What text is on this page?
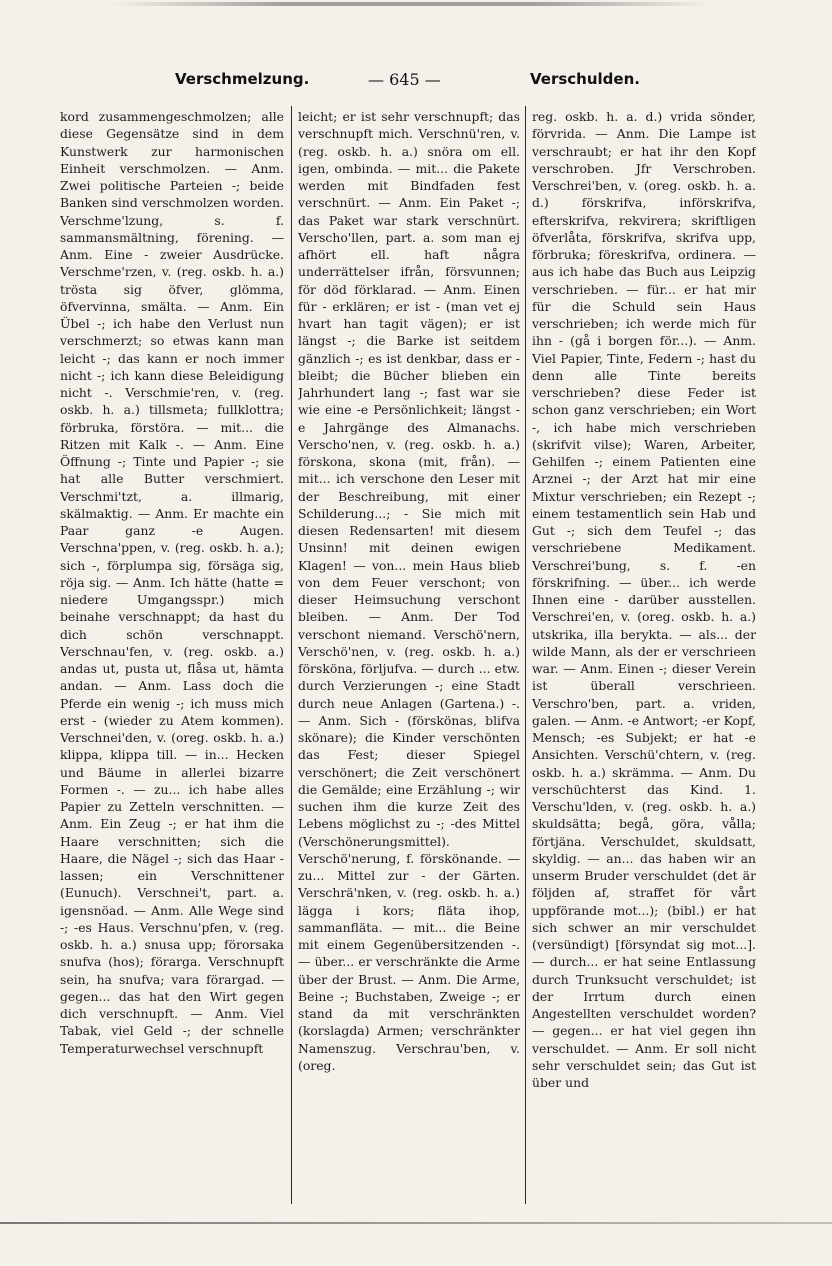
Verschmelzung.	— 645 —	Verschulden.

kord zusammengeschmolzen; alle diese Gegensätze sind in dem Kunstwerk zur harmonischen Einheit verschmolzen. — Anm. Zwei politische Parteien -; beide Banken sind verschmolzen worden. Verschme'lzung, s. f. sammansmältning, förening. — Anm. Eine - zweier Ausdrücke. Verschme'rzen, v. (reg. oskb. h. a.) trösta sig öfver, glömma, öfvervinna, smälta. — Anm. Ein Übel -; ich habe den Verlust nun verschmerzt; so etwas kann man leicht -; das kann er noch immer nicht -; ich kann diese Beleidigung nicht -. Verschmie'ren, v. (reg. oskb. h. a.) tillsmeta; fullklottra; förbruka, förstöra. — mit... die Ritzen mit Kalk -. — Anm. Eine Öffnung -; Tinte und Papier -; sie hat alle Butter verschmiert. Verschmi'tzt, a. illmarig, skälmaktig. — Anm. Er machte ein Paar ganz -e Augen. Verschna'ppen, v. (reg. oskb. h. a.); sich -, förplumpa sig, försäga sig, röja sig. — Anm. Ich hätte (hatte = niedere Umgangsspr.) mich beinahe verschnappt; da hast du dich schön verschnappt. Verschnau'fen, v. (reg. oskb. a.) andas ut, pusta ut, flåsa ut, hämta andan. — Anm. Lass doch die Pferde ein wenig -; ich muss mich erst - (wieder zu Atem kommen). Verschnei'den, v. (oreg. oskb. h. a.) klippa, klippa till. — in... Hecken und Bäume in allerlei bizarre Formen -. — zu... ich habe alles Papier zu Zetteln verschnitten. — Anm. Ein Zeug -; er hat ihm die Haare verschnitten; sich die Haare, die Nägel -; sich das Haar - lassen; ein Verschnittener (Eunuch). Verschnei't, part. a. igensnöad. — Anm. Alle Wege sind -; -es Haus. Verschnu'pfen, v. (reg. oskb. h. a.) snusa upp; förorsaka snufva (hos); förarga. Verschnupft sein, ha snufva; vara förargad. — gegen... das hat den Wirt gegen dich verschnupft. — Anm. Viel Tabak, viel Geld -; der schnelle Temperaturwechsel verschnupft

leicht; er ist sehr verschnupft; das verschnupft mich. Verschnü'ren, v. (reg. oskb. h. a.) snöra om ell. igen, ombinda. — mit... die Pakete werden mit Bindfaden fest verschnürt. — Anm. Ein Paket -; das Paket war stark verschnürt. Verscho'llen, part. a. som man ej afhört ell. haft några underrättelser ifrån, försvunnen; för död förklarad. — Anm. Einen für - erklären; er ist - (man vet ej hvart han tagit vägen); er ist längst -; die Barke ist seitdem gänzlich -; es ist denkbar, dass er - bleibt; die Bücher blieben ein Jahrhundert lang -; fast war sie wie eine -e Persönlichkeit; längst -e Jahrgänge des Almanachs. Verscho'nen, v. (reg. oskb. h. a.) förskona, skona (mit, från). — mit... ich verschone den Leser mit der Beschreibung, mit einer Schilderung...; - Sie mich mit diesen Redensarten! mit diesem Unsinn! mit deinen ewigen Klagen! — von... mein Haus blieb von dem Feuer verschont; von dieser Heimsuchung verschont bleiben. — Anm. Der Tod verschont niemand. Verschö'nern, Verschö'nen, v. (reg. oskb. h. a.) försköna, förljufva. — durch ... etw. durch Verzierungen -; eine Stadt durch neue Anlagen (Gartena.) -. — Anm. Sich - (förskönas, blifva skönare); die Kinder verschönten das Fest; dieser Spiegel verschönert; die Zeit verschönert die Gemälde; eine Erzählung -; wir suchen ihm die kurze Zeit des Lebens möglichst zu -; -des Mittel (Verschönerungsmittel). Verschö'nerung, f. förskönande. — zu... Mittel zur - der Gärten. Verschrä'nken, v. (reg. oskb. h. a.) lägga i kors; fläta ihop, sammanfläta. — mit... die Beine mit einem Gegenübersitzenden -. — über... er verschränkte die Arme über der Brust. — Anm. Die Arme, Beine -; Buchstaben, Zweige -; er stand da mit verschränkten (korslagda) Armen; verschränkter Namenszug. Verschrau'ben, v. (oreg.

reg. oskb. h. a. d.) vrida sönder, förvrida. — Anm. Die Lampe ist verschraubt; er hat ihr den Kopf verschroben. Jfr Verschroben. Verschrei'ben, v. (oreg. oskb. h. a. d.) förskrifva, införskrifva, efterskrifva, rekvirera; skriftligen öfverlåta, förskrifva, skrifva upp, förbruka; föreskrifva, ordinera. — aus ich habe das Buch aus Leipzig verschrieben. — für... er hat mir für die Schuld sein Haus verschrieben; ich werde mich für ihn - (gå i borgen för...). — Anm. Viel Papier, Tinte, Federn -; hast du denn alle Tinte bereits verschrieben? diese Feder ist schon ganz verschrieben; ein Wort -, ich habe mich verschrieben (skrifvit vilse); Waren, Arbeiter, Gehilfen -; einem Patienten eine Arznei -; der Arzt hat mir eine Mixtur verschrieben; ein Rezept -; einem testamentlich sein Hab und Gut -; sich dem Teufel -; das verschriebene Medikament. Verschrei'bung, s. f. -en förskrifning. — über... ich werde Ihnen eine - darüber ausstellen. Verschrei'en, v. (oreg. oskb. h. a.) utskrika, illa berykta. — als... der wilde Mann, als der er verschrieen war. — Anm. Einen -; dieser Verein ist überall verschrieen. Verschro'ben, part. a. vriden, galen. — Anm. -e Antwort; -er Kopf, Mensch; -es Subjekt; er hat -e Ansichten. Verschü'chtern, v. (reg. oskb. h. a.) skrämma. — Anm. Du verschüchterst das Kind. 1. Verschu'lden, v. (reg. oskb. h. a.) skuldsätta; begå, göra, vålla; förtjäna. Verschuldet, skuldsatt, skyldig. — an... das haben wir an unserm Bruder verschuldet (det är följden af, straffet för vårt uppförande mot...); (bibl.) er hat sich schwer an mir verschuldet (versündigt) [försyndat sig mot...]. — durch... er hat seine Entlassung durch Trunksucht verschuldet; ist der Irrtum durch einen Angestellten verschuldet worden? — gegen... er hat viel gegen ihn verschuldet. — Anm. Er soll nicht sehr verschuldet sein; das Gut ist über und
